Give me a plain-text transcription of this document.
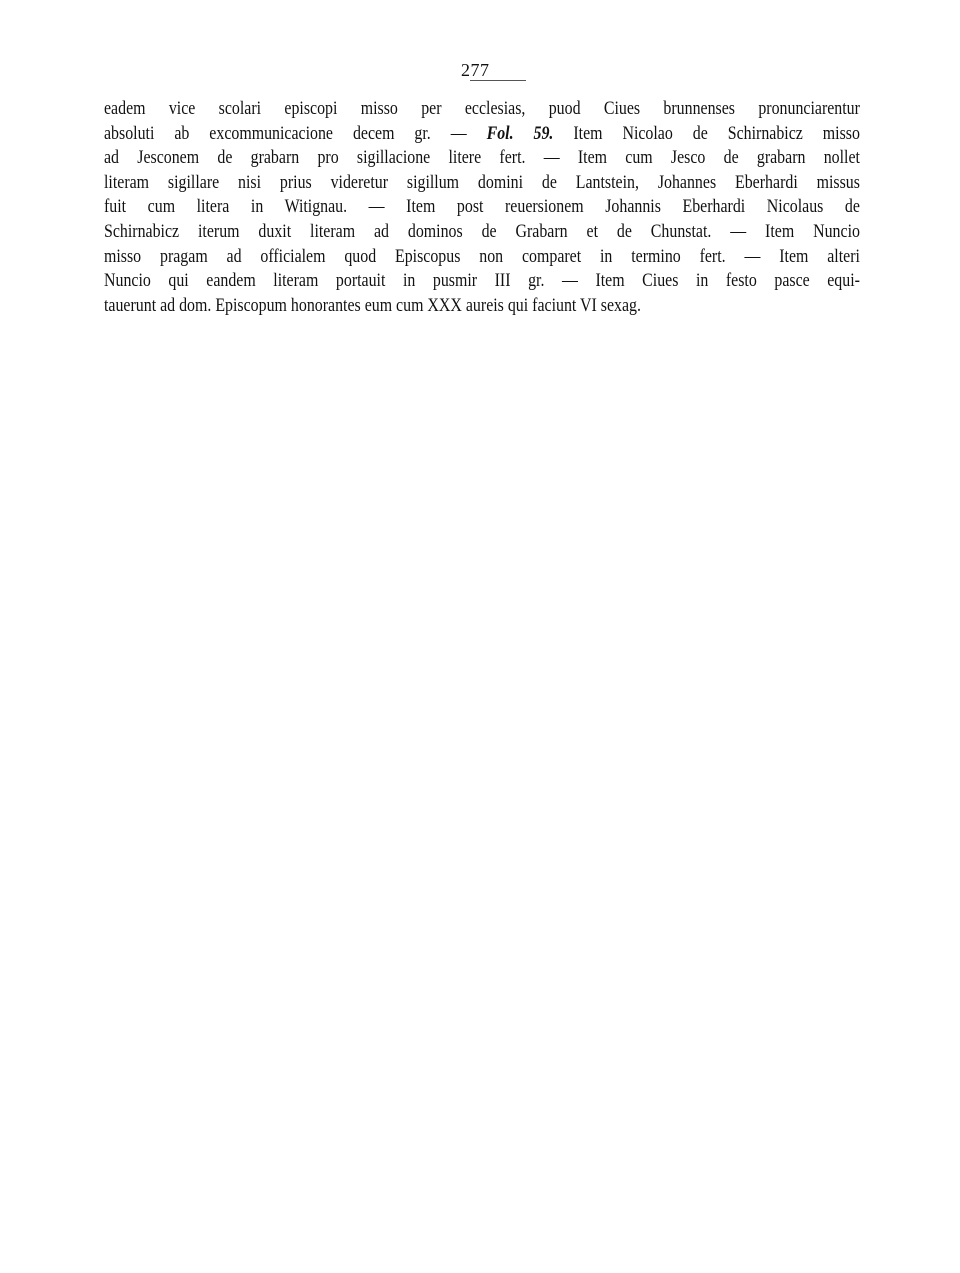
277
eadem vice scolari episcopi misso per ecclesias, puod Ciues brunnenses pronunciarentur
absoluti ab excommunicacione decem gr. — Fol. 59. Item Nicolao de Schirnabicz misso
ad Jesconem de grabarn pro sigillacione litere fert. — Item cum Jesco de grabarn nollet
literam sigillare nisi prius videretur sigillum domini de Lantstein, Johannes Eberhardi missus
fuit cum litera in Witignau. — Item post reuersionem Johannis Eberhardi Nicolaus de
Schirnabicz iterum duxit literam ad dominos de Grabarn et de Chunstat. — Item Nuncio
misso pragam ad officialem quod Episcopus non comparet in termino fert. — Item alteri
Nuncio qui eandem literam portauit in pusmir III gr. — Item Ciues in festo pasce equi-
tauerunt ad dom. Episcopum honorantes eum cum XXX aureis qui faciunt VI sexag.
